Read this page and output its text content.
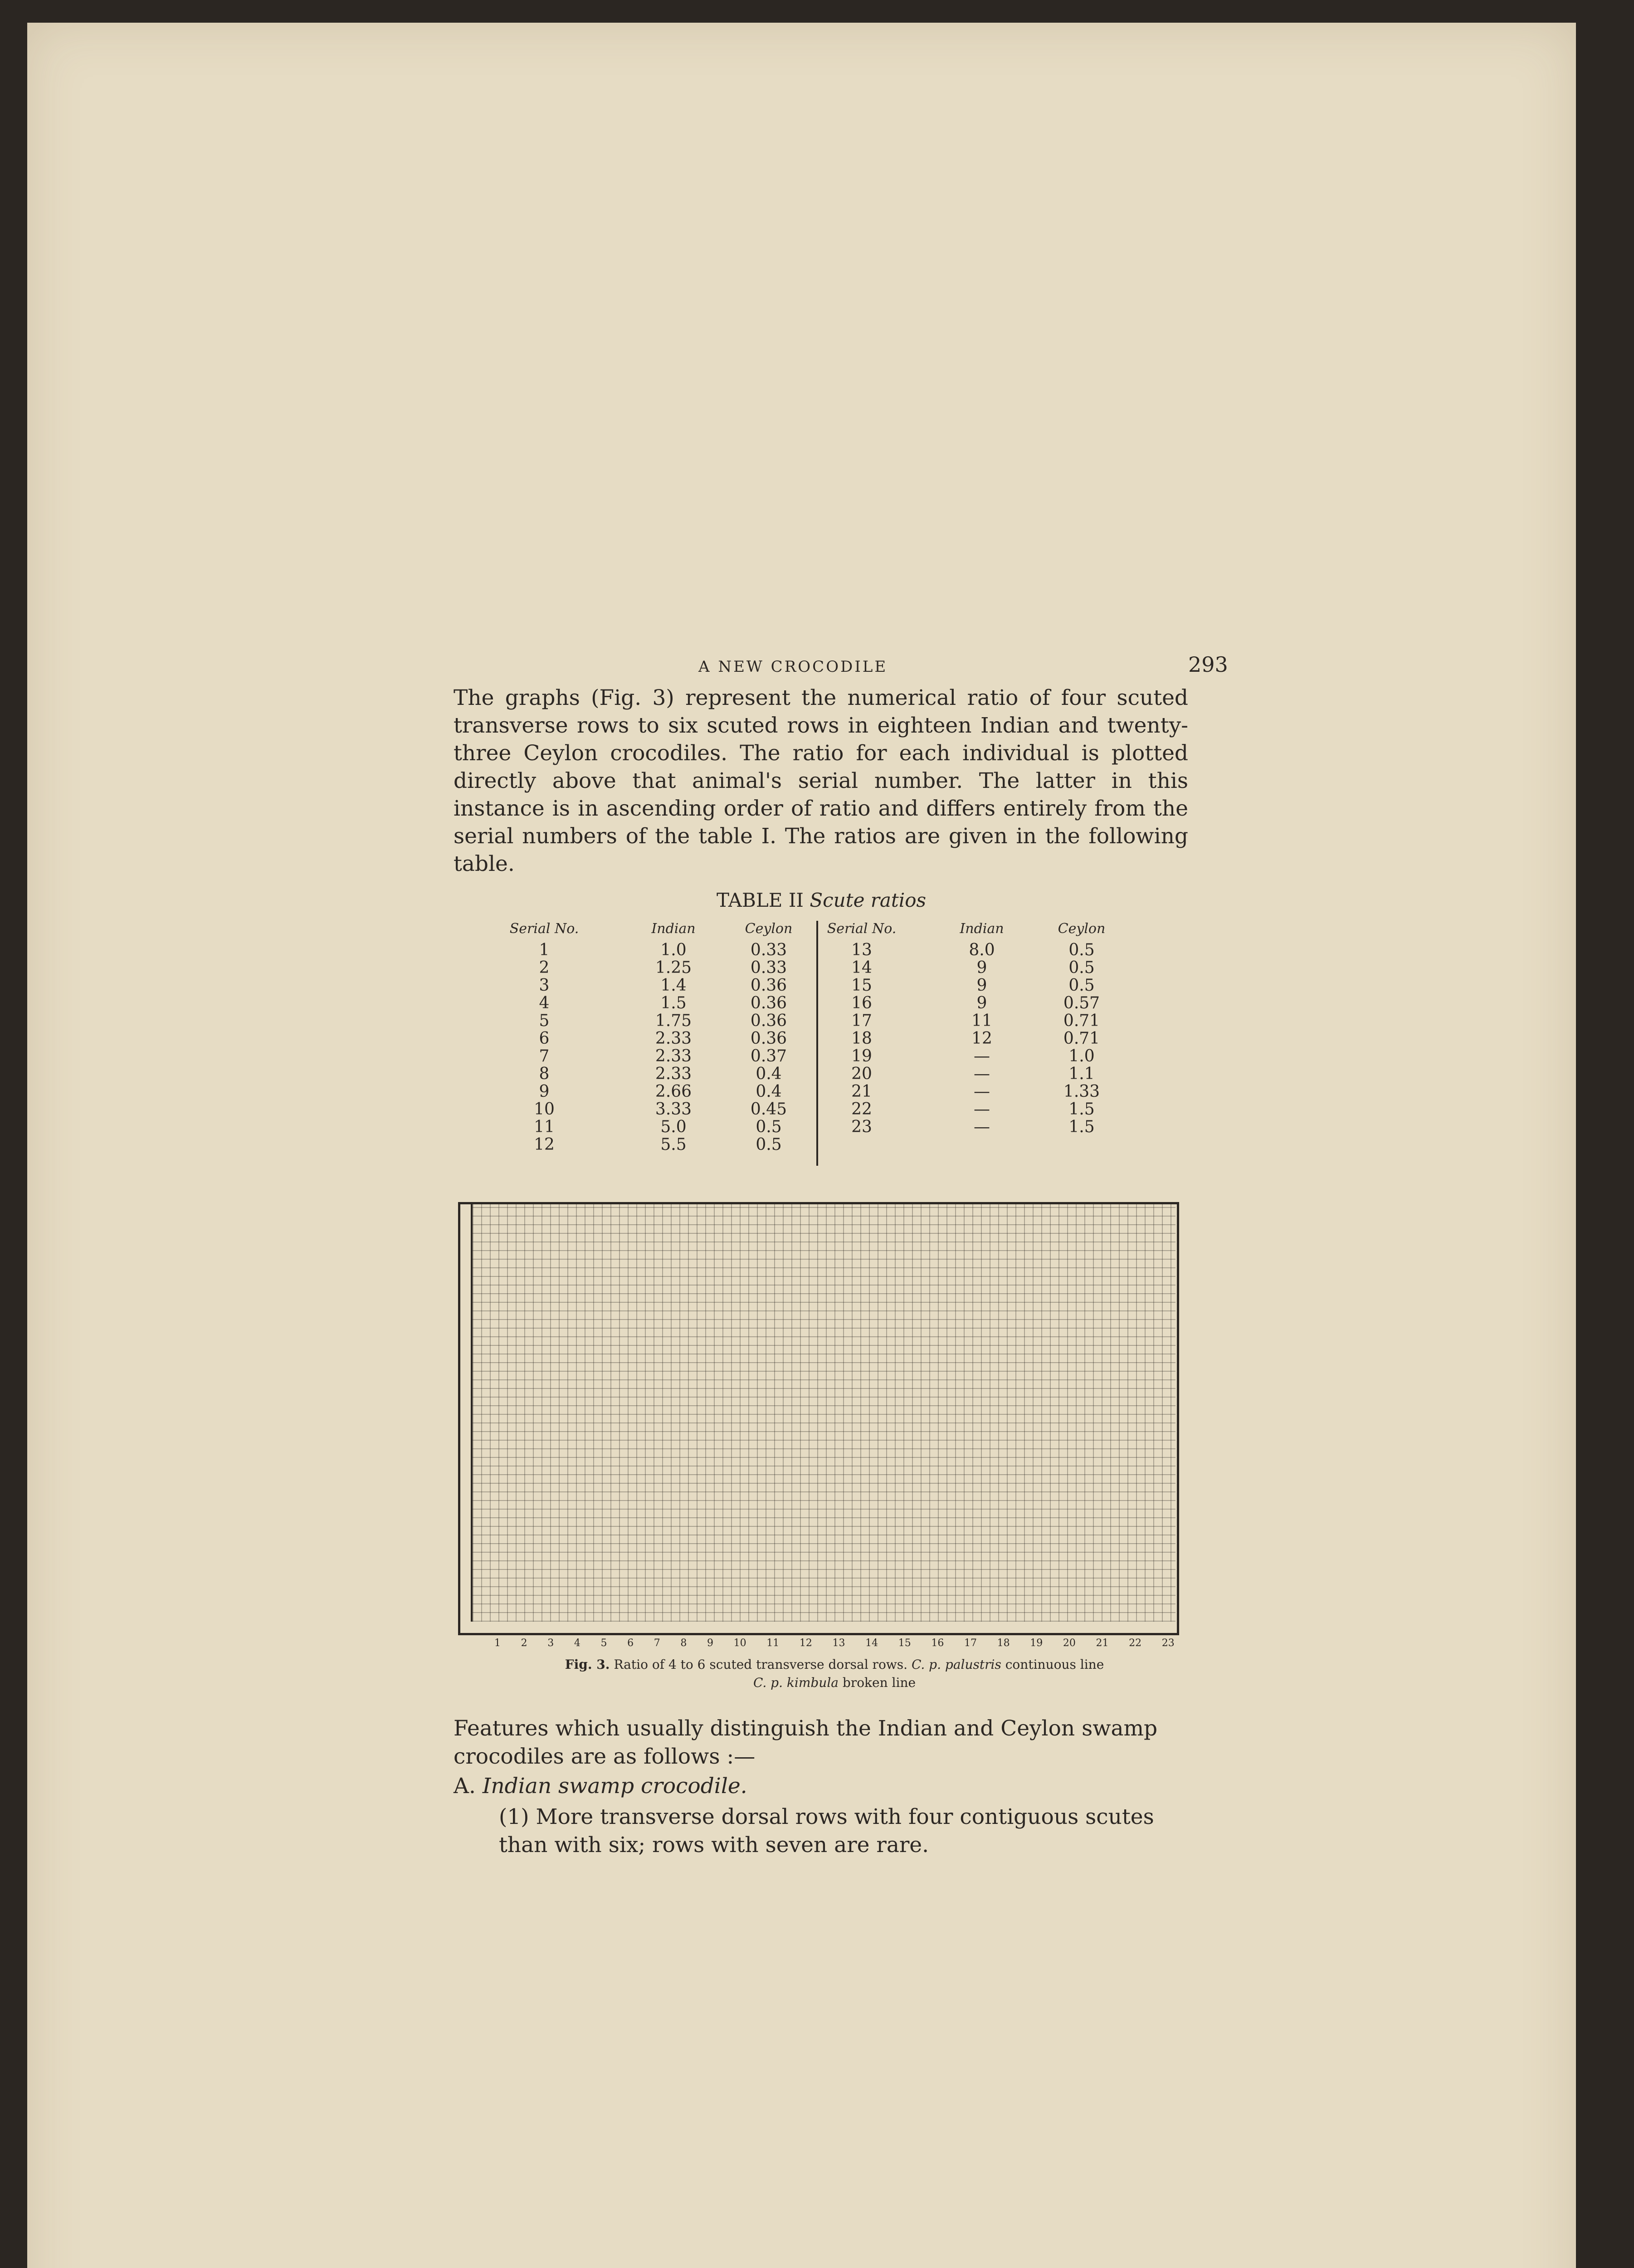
A NEW CROCODILE	293
The graphs (Fig. 3) represent the numerical ratio of four scuted transverse rows to six scuted rows in eighteen Indian and twenty-three Ceylon crocodiles. The ratio for each individual is plotted directly above that animal's serial number. The latter in this instance is in ascending order of ratio and differs entirely from the serial numbers of the table I. The ratios are given in the following table.
TABLE II Scute ratios
Serial No.	Indian	Ceylon	Serial No.	Indian	Ceylon
1	1.0	0.33
2	1.25	0.33
3	1.4	0.36
4	1.5	0.36
5	1.75	0.36
6	2.33	0.36
7	2.33	0.37
8	2.33	0.4
9	2.66	0.4
10	3.33	0.45
11	5.0	0.5
12	5.5	0.5
13	8.0	0.5
14	9	0.5
15	9	0.5
16	9	0.57
17	11	0.71
18	12	0.71
19	—	1.0
20	—	1.1
21	—	1.33
22	—	1.5
23	—	1.5
1 2 3 4 5 6 7 8 9 10 11 12 13 14 15 16 17 18 19 20 21 22 23
Fig. 3. Ratio of 4 to 6 scuted transverse dorsal rows. C. p. palustris continuous line
C. p. kimbula broken line
Features which usually distinguish the Indian and Ceylon swamp crocodiles are as follows :—
A. Indian swamp crocodile.
(1) More transverse dorsal rows with four contiguous scutes than with six; rows with seven are rare.
